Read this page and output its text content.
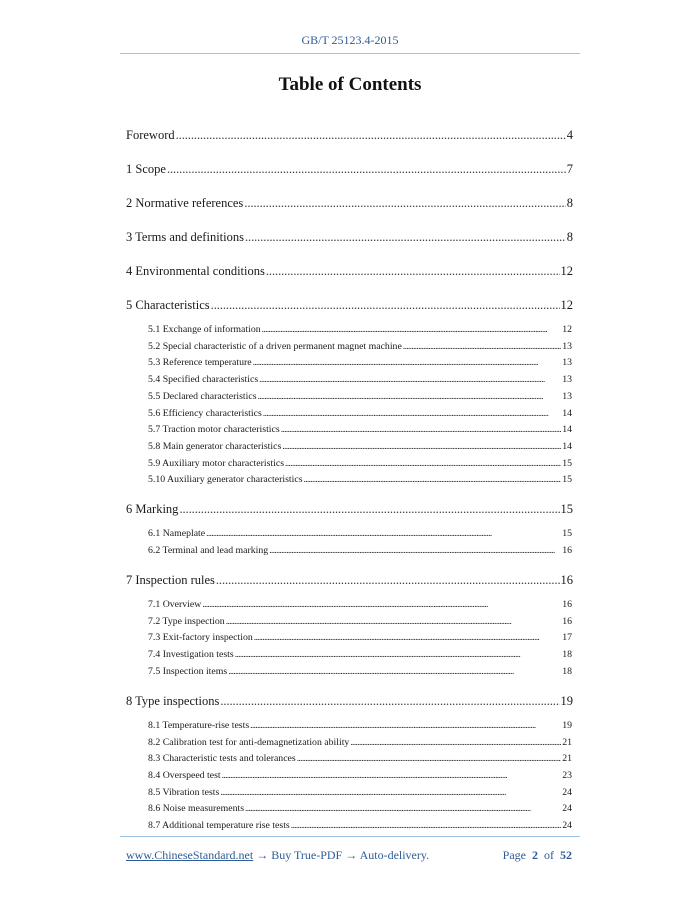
GB/T 25123.4-2015
Table of Contents
Foreword . . .	4
1 Scope . . .	7
2 Normative references . . .	8
3 Terms and definitions . . .	8
4 Environmental conditions . . .	12
5 Characteristics . . .	12
5.1 Exchange of information . . .	12
5.2 Special characteristic of a driven permanent magnet machine . . .	13
5.3 Reference temperature . . .	13
5.4 Specified characteristics . . .	13
5.5 Declared characteristics . . .	13
5.6 Efficiency characteristics . . .	14
5.7 Traction motor characteristics . . .	14
5.8 Main generator characteristics . . .	14
5.9 Auxiliary motor characteristics . . .	15
5.10 Auxiliary generator characteristics . . .	15
6 Marking . . .	15
6.1 Nameplate . . .	15
6.2 Terminal and lead marking . . .	16
7 Inspection rules . . .	16
7.1 Overview . . .	16
7.2 Type inspection . . .	16
7.3 Exit-factory inspection . . .	17
7.4 Investigation tests . . .	18
7.5 Inspection items . . .	18
8 Type inspections . . .	19
8.1 Temperature-rise tests . . .	19
8.2 Calibration test for anti-demagnetization ability . . .	21
8.3 Characteristic tests and tolerances . . .	21
8.4 Overspeed test . . .	23
8.5 Vibration tests . . .	24
8.6 Noise measurements . . .	24
8.7 Additional temperature rise tests . . .	24
www.ChineseStandard.net → Buy True-PDF → Auto-delivery.	Page 2 of 52
